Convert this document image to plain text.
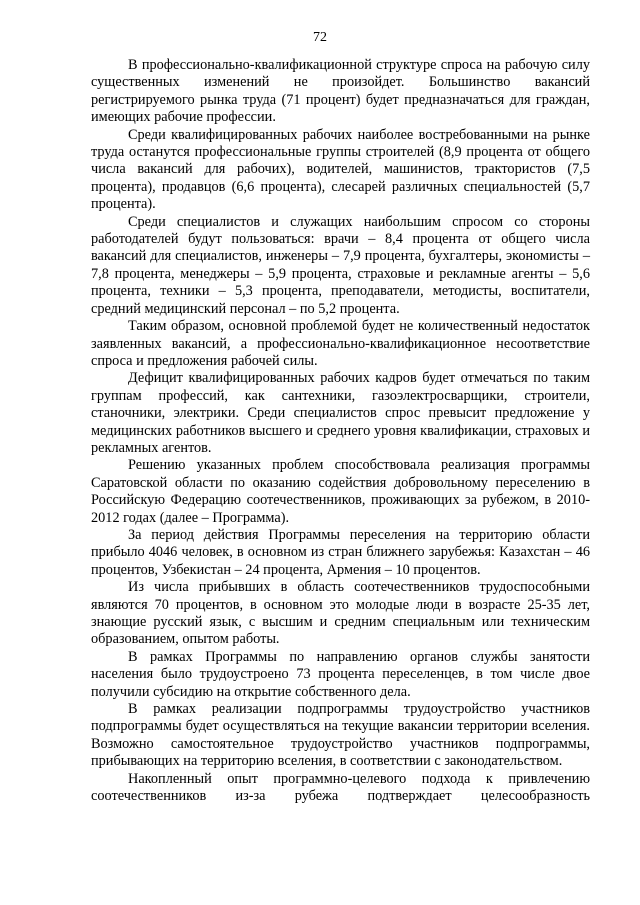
72

В профессионально-квалификационной структуре спроса на рабочую силу существенных изменений не произойдет. Большинство вакансий регистрируемого рынка труда (71 процент) будет предназначаться для граждан, имеющих рабочие профессии.

Среди квалифицированных рабочих наиболее востребованными на рынке труда останутся профессиональные группы строителей (8,9 процента от общего числа вакансий для рабочих), водителей, машинистов, трактористов (7,5 процента), продавцов (6,6 процента), слесарей различных специальностей (5,7 процента).

Среди специалистов и служащих наибольшим спросом со стороны работодателей будут пользоваться: врачи – 8,4 процента от общего числа вакансий для специалистов, инженеры – 7,9 процента, бухгалтеры, экономисты – 7,8 процента, менеджеры – 5,9 процента, страховые и рекламные агенты – 5,6 процента, техники – 5,3 процента, преподаватели, методисты, воспитатели, средний медицинский персонал – по 5,2 процента.

Таким образом, основной проблемой будет не количественный недостаток заявленных вакансий, а профессионально-квалификационное несоответствие спроса и предложения рабочей силы.

Дефицит квалифицированных рабочих кадров будет отмечаться по таким группам профессий, как сантехники, газоэлектросварщики, строители, станочники, электрики. Среди специалистов спрос превысит предложение у медицинских работников высшего и среднего уровня квалификации, страховых и рекламных агентов.

Решению указанных проблем способствовала реализация программы Саратовской области по оказанию содействия добровольному переселению в Российскую Федерацию соотечественников, проживающих за рубежом, в 2010-2012 годах (далее – Программа).

За период действия Программы переселения на территорию области прибыло 4046 человек, в основном из стран ближнего зарубежья: Казахстан – 46 процентов, Узбекистан – 24 процента, Армения – 10 процентов.

Из числа прибывших в область соотечественников трудоспособными являются 70 процентов, в основном это молодые люди в возрасте 25-35 лет, знающие русский язык, с высшим и средним специальным или техническим образованием, опытом работы.

В рамках Программы по направлению органов службы занятости населения было трудоустроено 73 процента переселенцев, в том числе двое получили субсидию на открытие собственного дела.

В рамках реализации подпрограммы трудоустройство участников подпрограммы будет осуществляться на текущие вакансии территории вселения. Возможно самостоятельное трудоустройство участников подпрограммы, прибывающих на территорию вселения, в соответствии с законодательством.

Накопленный опыт программно-целевого подхода к привлечению соотечественников из-за рубежа подтверждает целесообразность
